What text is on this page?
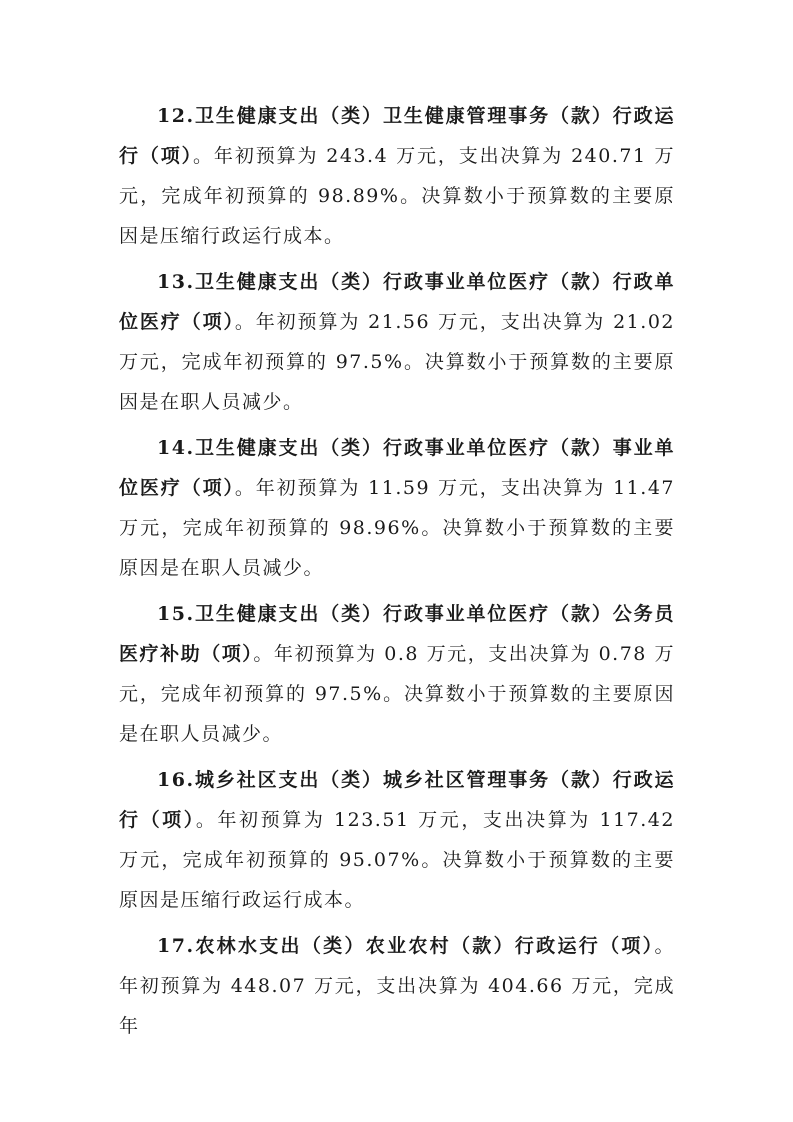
12.卫生健康支出（类）卫生健康管理事务（款）行政运行（项）。年初预算为 243.4 万元，支出决算为 240.71 万元，完成年初预算的 98.89%。决算数小于预算数的主要原因是压缩行政运行成本。

13.卫生健康支出（类）行政事业单位医疗（款）行政单位医疗（项）。年初预算为 21.56 万元，支出决算为 21.02 万元，完成年初预算的 97.5%。决算数小于预算数的主要原因是在职人员减少。

14.卫生健康支出（类）行政事业单位医疗（款）事业单位医疗（项）。年初预算为 11.59 万元，支出决算为 11.47 万元，完成年初预算的 98.96%。决算数小于预算数的主要原因是在职人员减少。

15.卫生健康支出（类）行政事业单位医疗（款）公务员医疗补助（项）。年初预算为 0.8 万元，支出决算为 0.78 万元，完成年初预算的 97.5%。决算数小于预算数的主要原因是在职人员减少。

16.城乡社区支出（类）城乡社区管理事务（款）行政运行（项）。年初预算为 123.51 万元，支出决算为 117.42 万元，完成年初预算的 95.07%。决算数小于预算数的主要原因是压缩行政运行成本。

17.农林水支出（类）农业农村（款）行政运行（项）。年初预算为 448.07 万元，支出决算为 404.66 万元，完成年
